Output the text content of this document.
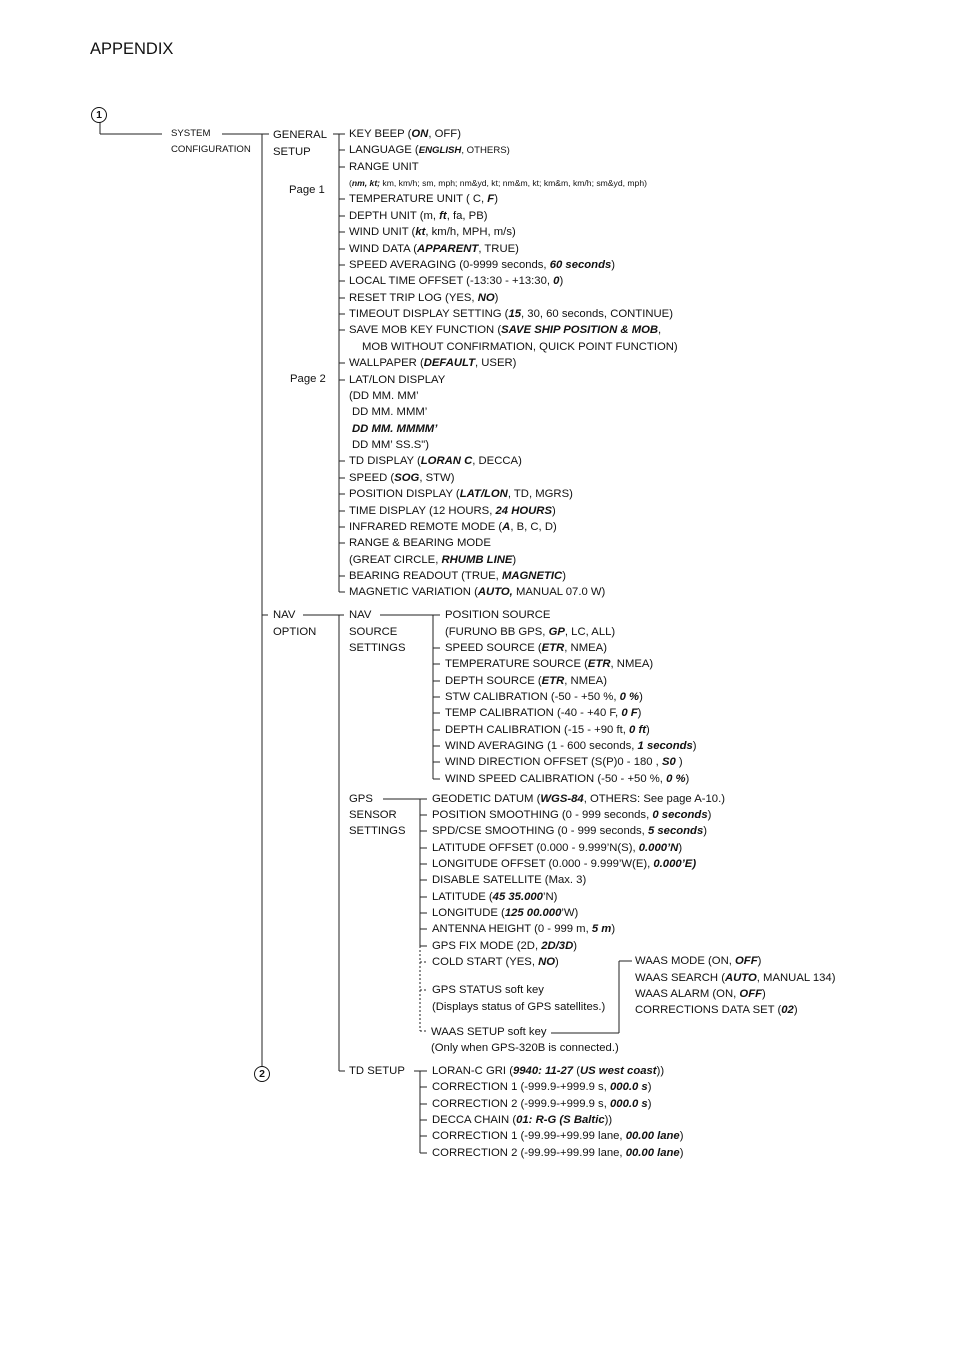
APPENDIX
1
2
SYSTEM
CONFIGURATION
GENERAL
SETUP
Page 1
Page 2
NAV
OPTION
NAV
SOURCE
SETTINGS
GPS
SENSOR
SETTINGS
TD SETUP
KEY BEEP (ON, OFF)
LANGUAGE (ENGLISH, OTHERS)
RANGE UNIT
(nm, kt; km, km/h; sm, mph; nm&yd, kt; nm&m, kt; km&m, km/h; sm&yd, mph)
TEMPERATURE UNIT ( C, F)
DEPTH UNIT (m, ft, fa, PB)
WIND UNIT (kt, km/h, MPH, m/s)
WIND DATA (APPARENT, TRUE)
SPEED AVERAGING (0-9999 seconds, 60 seconds)
LOCAL TIME OFFSET (-13:30 - +13:30, 0)
RESET TRIP LOG (YES, NO)
TIMEOUT DISPLAY SETTING (15, 30, 60 seconds, CONTINUE)
SAVE MOB KEY FUNCTION (SAVE SHIP POSITION & MOB,
MOB WITHOUT CONFIRMATION, QUICK POINT FUNCTION)
WALLPAPER (DEFAULT, USER)
LAT/LON DISPLAY
(DD MM. MM’
DD MM. MMM’
DD MM. MMMM’
DD MM’ SS.S")
TD DISPLAY (LORAN C, DECCA)
SPEED (SOG, STW)
POSITION DISPLAY (LAT/LON, TD, MGRS)
TIME DISPLAY (12 HOURS, 24 HOURS)
INFRARED REMOTE MODE (A, B, C, D)
RANGE & BEARING MODE
(GREAT CIRCLE, RHUMB LINE)
BEARING READOUT (TRUE, MAGNETIC)
MAGNETIC VARIATION (AUTO, MANUAL 07.0 W)
POSITION SOURCE
(FURUNO BB GPS, GP, LC, ALL)
SPEED SOURCE (ETR, NMEA)
TEMPERATURE SOURCE (ETR, NMEA)
DEPTH SOURCE (ETR, NMEA)
STW CALIBRATION (-50 - +50 %, 0 %)
TEMP CALIBRATION (-40 - +40 F, 0 F)
DEPTH CALIBRATION (-15 - +90 ft, 0 ft)
WIND AVERAGING (1 - 600 seconds, 1 seconds)
WIND DIRECTION OFFSET (S(P)0 - 180 , S0 )
WIND SPEED CALIBRATION (-50 - +50 %, 0 %)
GEODETIC DATUM (WGS-84, OTHERS: See page A-10.)
POSITION SMOOTHING (0 - 999 seconds, 0 seconds)
SPD/CSE SMOOTHING (0 - 999 seconds, 5 seconds)
LATITUDE OFFSET (0.000 - 9.999’N(S), 0.000’N)
LONGITUDE OFFSET (0.000 - 9.999’W(E), 0.000’E)
DISABLE SATELLITE (Max. 3)
LATITUDE (45 35.000’N)
LONGITUDE (125 00.000’W)
ANTENNA HEIGHT (0 - 999 m, 5 m)
GPS FIX MODE (2D, 2D/3D)
COLD START (YES, NO)
GPS STATUS soft key
(Displays status of GPS satellites.)
WAAS SETUP soft key
(Only when GPS-320B is connected.)
WAAS MODE (ON, OFF)
WAAS SEARCH (AUTO, MANUAL 134)
WAAS ALARM (ON, OFF)
CORRECTIONS DATA SET (02)
LORAN-C GRI (9940: 11-27 (US west coast))
CORRECTION 1 (-999.9-+999.9 s, 000.0 s)
CORRECTION 2 (-999.9-+999.9 s, 000.0 s)
DECCA CHAIN (01: R-G (S Baltic))
CORRECTION 1 (-99.99-+99.99 lane, 00.00 lane)
CORRECTION 2 (-99.99-+99.99 lane, 00.00 lane)
